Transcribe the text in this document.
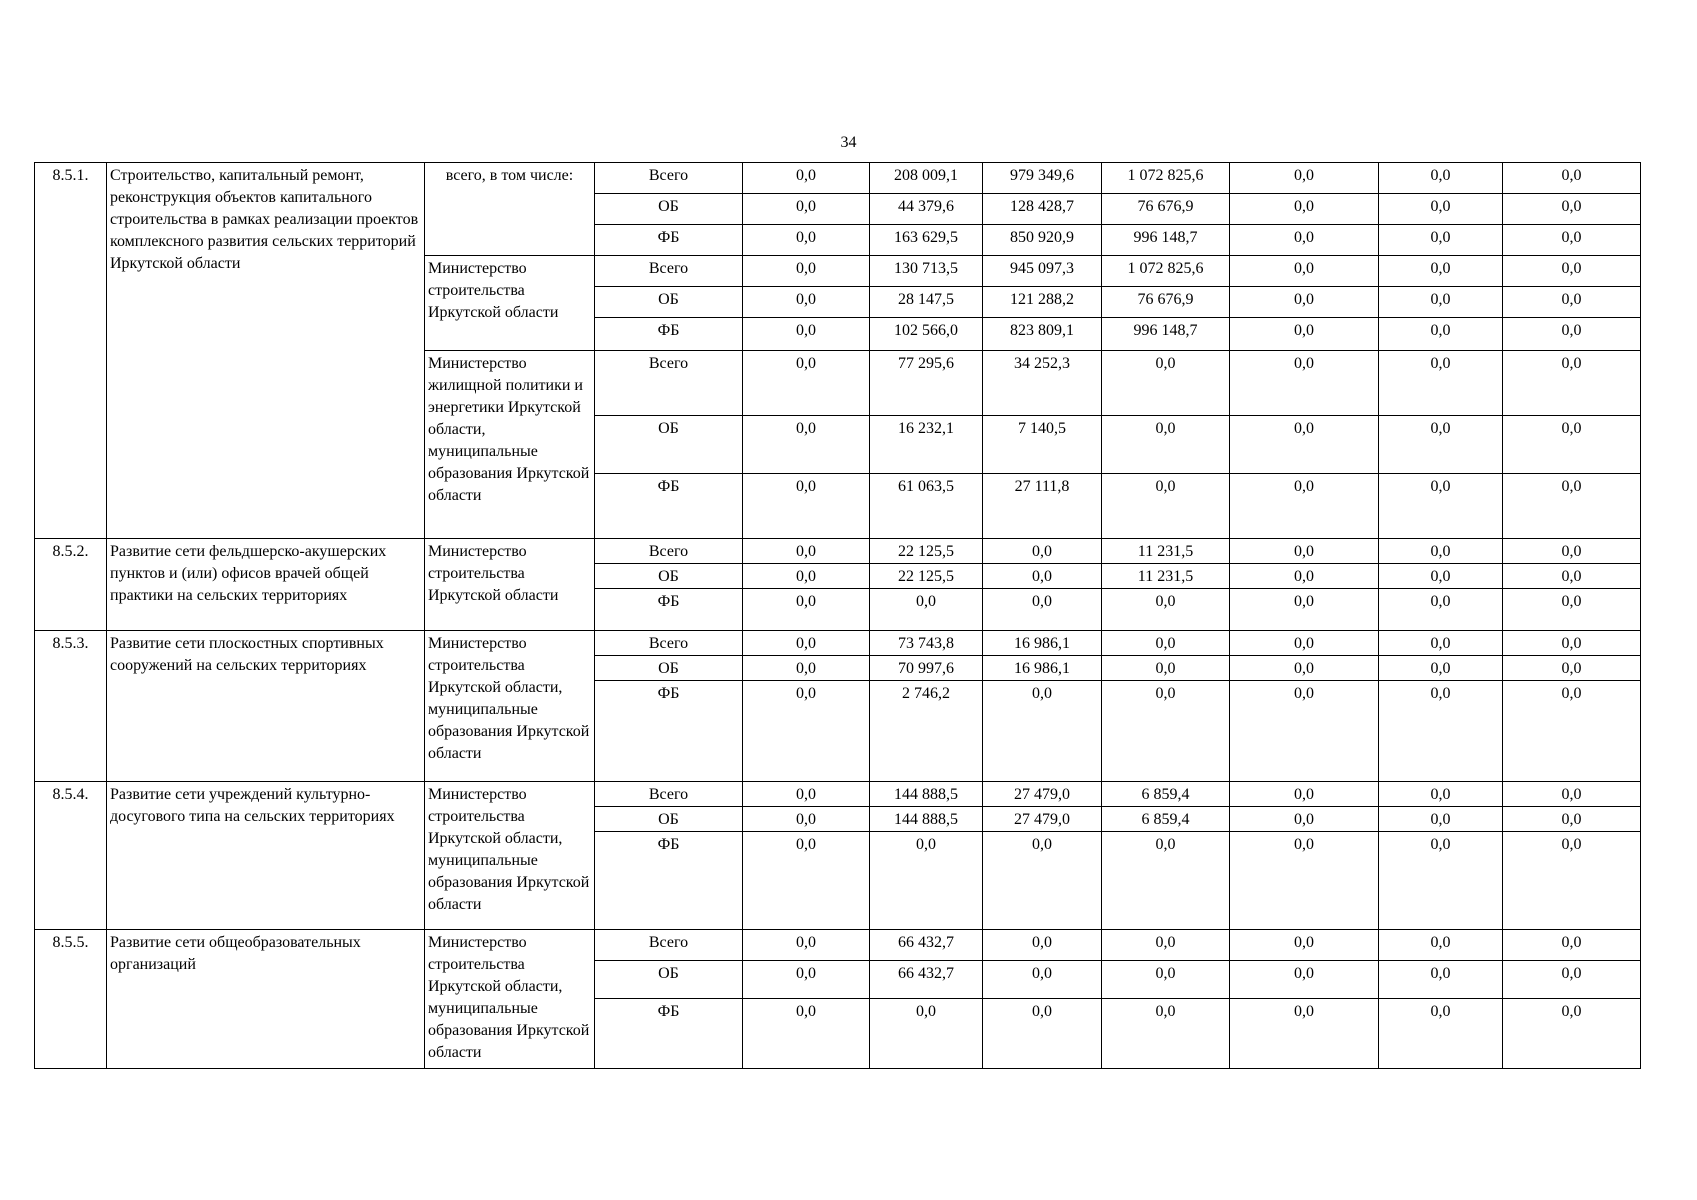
34
8.5.1.	Строительство, капитальный ремонт, реконструкция объектов капитального строительства в рамках реализации проектов комплексного развития сельских территорий Иркутской области	всего, в том числе:	Всего	0,0	208 009,1	979 349,6	1 072 825,6	0,0	0,0	0,0
			ОБ	0,0	44 379,6	128 428,7	76 676,9	0,0	0,0	0,0
			ФБ	0,0	163 629,5	850 920,9	996 148,7	0,0	0,0	0,0
		Министерство строительства Иркутской области	Всего	0,0	130 713,5	945 097,3	1 072 825,6	0,0	0,0	0,0
			ОБ	0,0	28 147,5	121 288,2	76 676,9	0,0	0,0	0,0
			ФБ	0,0	102 566,0	823 809,1	996 148,7	0,0	0,0	0,0
		Министерство жилищной политики и энергетики Иркутской области, муниципальные образования Иркутской области	Всего	0,0	77 295,6	34 252,3	0,0	0,0	0,0	0,0
			ОБ	0,0	16 232,1	7 140,5	0,0	0,0	0,0	0,0
			ФБ	0,0	61 063,5	27 111,8	0,0	0,0	0,0	0,0
8.5.2.	Развитие сети фельдшерско-акушерских пунктов и (или) офисов врачей общей практики на сельских территориях	Министерство строительства Иркутской области	Всего	0,0	22 125,5	0,0	11 231,5	0,0	0,0	0,0
			ОБ	0,0	22 125,5	0,0	11 231,5	0,0	0,0	0,0
			ФБ	0,0	0,0	0,0	0,0	0,0	0,0	0,0
8.5.3.	Развитие сети плоскостных спортивных сооружений на сельских территориях	Министерство строительства Иркутской области, муниципальные образования Иркутской области	Всего	0,0	73 743,8	16 986,1	0,0	0,0	0,0	0,0
			ОБ	0,0	70 997,6	16 986,1	0,0	0,0	0,0	0,0
			ФБ	0,0	2 746,2	0,0	0,0	0,0	0,0	0,0
8.5.4.	Развитие сети учреждений культурно-досугового типа на сельских территориях	Министерство строительства Иркутской области, муниципальные образования Иркутской области	Всего	0,0	144 888,5	27 479,0	6 859,4	0,0	0,0	0,0
			ОБ	0,0	144 888,5	27 479,0	6 859,4	0,0	0,0	0,0
			ФБ	0,0	0,0	0,0	0,0	0,0	0,0	0,0
8.5.5.	Развитие сети общеобразовательных организаций	Министерство строительства Иркутской области, муниципальные образования Иркутской области	Всего	0,0	66 432,7	0,0	0,0	0,0	0,0	0,0
			ОБ	0,0	66 432,7	0,0	0,0	0,0	0,0	0,0
			ФБ	0,0	0,0	0,0	0,0	0,0	0,0	0,0
